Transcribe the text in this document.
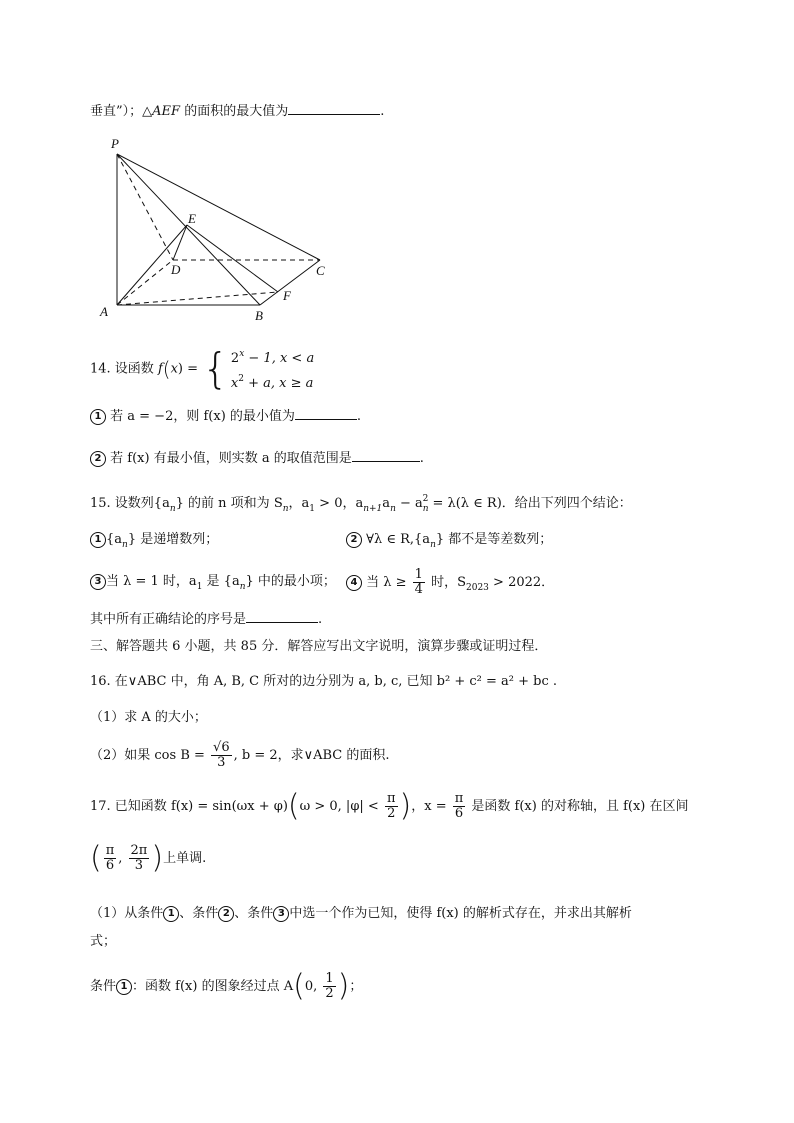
垂直”）；△AEF 的面积的最大值为	.
P
E
D	C
F
A	B
14. 设函数 f(x) = { $2^x - 1$, x < a
$x^2 + a$, x ≥ a
1 若 a = −2，则 f(x) 的最小值为	.
2 若 f(x) 有最小值，则实数 a 的取值范围是	.
15. 设数列$\{a_n\}$ 的前 n 项和为 $S_n$，$a_1 > 0$，$a_{n+1}a_n - a_n^2 = \lambda(\lambda$ ∈ R)．给出下列四个结论：
1 $\{a_n\}$ 是递增数列；	2 ∀λ ∈ $R,\{a_n\}$ 都不是等差数列；
3 当 λ = 1 时，$a_1$ 是 $\{a_n\}$ 中的最小项；	4 当 $\lambda \ge \frac{1}{4}$ 时，$S_{2023} > 2022$．
其中所有正确结论的序号是	.
三、解答题共 6 小题，共 85 分．解答应写出文字说明，演算步骤或证明过程．
16. 在∨ABC 中，角 A, B, C 所对的边分别为 a, b, c, 已知 b² + c² = a² + bc .
（1）求 A 的大小；
（2）如果 $\cos B = \frac{√6}{3}$ , b = 2，求∨ABC 的面积.
17. 已知函数 f(x) = sin(ωx + φ)(ω > 0, $|\varphi| < \frac{\pi}{2}$ )，$x = \frac{\pi}{6}$ 是函数 f(x) 的对称轴，且 f(x) 在区间
( $\frac{\pi}{6}$ , $\frac{2\pi}{3}$ )上单调.
（1）从条件 1 、条件 2 、条件 3 中选一个作为已知，使得 f(x) 的解析式存在，并求出其解析
式；
条件 1 ：函数 f(x) 的图象经过点 A(0, $\frac{1}{2}$ )；
